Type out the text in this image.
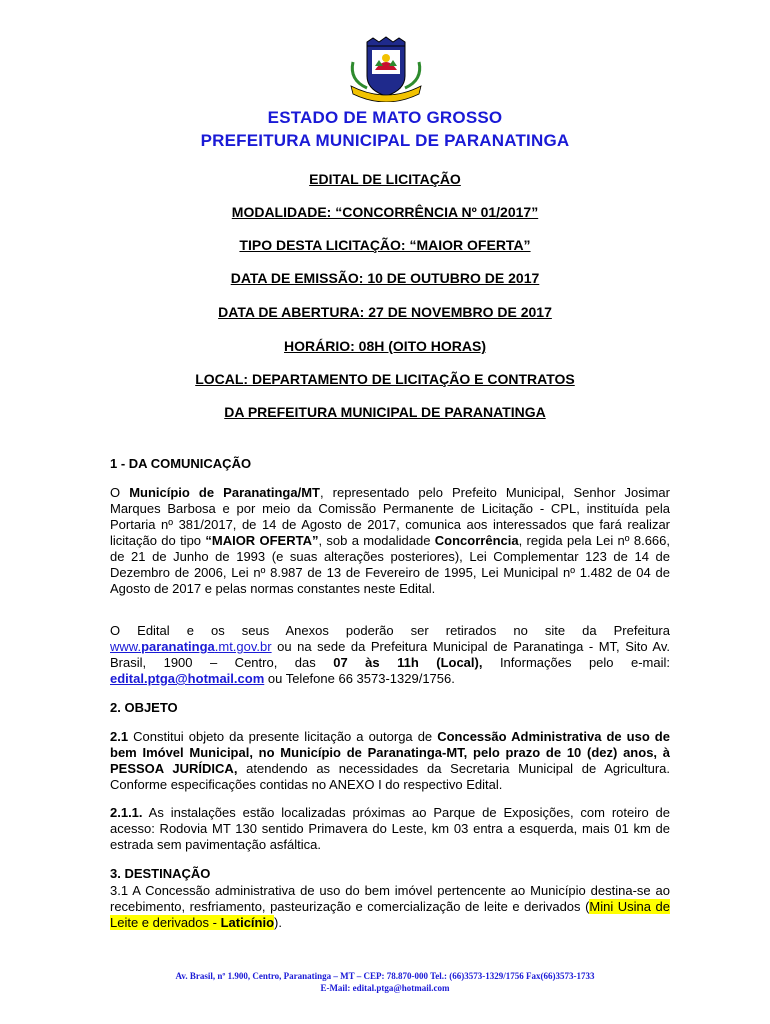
ESTADO DE MATO GROSSO
PREFEITURA MUNICIPAL DE PARANATINGA
EDITAL DE LICITAÇÃO
MODALIDADE: “CONCORRÊNCIA Nº 01/2017”
TIPO DESTA LICITAÇÃO: “MAIOR OFERTA”
DATA DE EMISSÃO: 10 DE OUTUBRO DE 2017
DATA DE ABERTURA: 27 DE NOVEMBRO DE 2017
HORÁRIO: 08H (OITO HORAS)
LOCAL: DEPARTAMENTO DE LICITAÇÃO E CONTRATOS
DA PREFEITURA MUNICIPAL DE PARANATINGA
1 - DA COMUNICAÇÃO
O Município de Paranatinga/MT, representado pelo Prefeito Municipal, Senhor Josimar Marques Barbosa e por meio da Comissão Permanente de Licitação - CPL, instituída pela Portaria nº 381/2017, de 14 de Agosto de 2017, comunica aos interessados que fará realizar licitação do tipo “MAIOR OFERTA”, sob a modalidade Concorrência, regida pela Lei nº 8.666, de 21 de Junho de 1993 (e suas alterações posteriores), Lei Complementar 123 de 14 de Dezembro de 2006, Lei nº 8.987 de 13 de Fevereiro de 1995, Lei Municipal nº 1.482 de 04 de Agosto de 2017 e pelas normas constantes neste Edital.
O Edital e os seus Anexos poderão ser retirados no site da Prefeitura www.paranatinga.mt.gov.br ou na sede da Prefeitura Municipal de Paranatinga - MT, Sito Av. Brasil, 1900 – Centro, das 07 às 11h (Local), Informações pelo e-mail: edital.ptga@hotmail.com ou Telefone 66 3573-1329/1756.
2. OBJETO
2.1 Constitui objeto da presente licitação a outorga de Concessão Administrativa de uso de bem Imóvel Municipal, no Município de Paranatinga-MT, pelo prazo de 10 (dez) anos, à PESSOA JURÍDICA, atendendo as necessidades da Secretaria Municipal de Agricultura. Conforme especificações contidas no ANEXO I do respectivo Edital.
2.1.1. As instalações estão localizadas próximas ao Parque de Exposições, com roteiro de acesso: Rodovia MT 130 sentido Primavera do Leste, km 03 entra a esquerda, mais 01 km de estrada sem pavimentação asfáltica.
3. DESTINAÇÃO
3.1 A Concessão administrativa de uso do bem imóvel pertencente ao Município destina-se ao recebimento, resfriamento, pasteurização e comercialização de leite e derivados (Mini Usina de Leite e derivados - Laticínio).
Av. Brasil, nº 1.900, Centro, Paranatinga – MT – CEP: 78.870-000 Tel.: (66)3573-1329/1756 Fax(66)3573-1733
E-Mail: edital.ptga@hotmail.com
